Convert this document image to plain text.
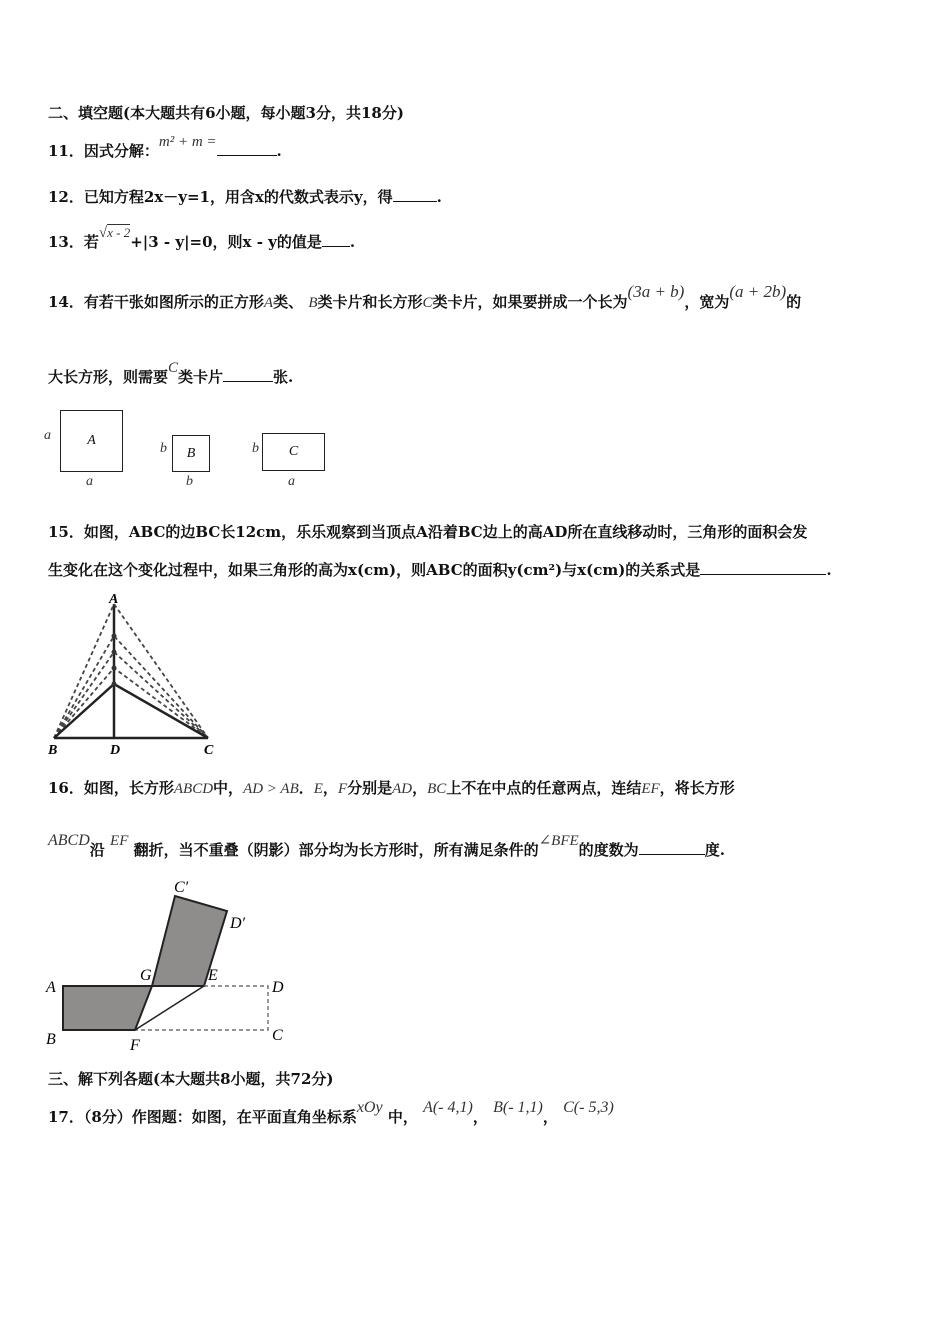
二、填空题(本大题共有6小题，每小题3分，共18分)
11．因式分解：m² + m =	.
12．已知方程2x－y=1，用含x的代数式表示y，得	.
13．若√x - 2+|3 - y|=0，则x - y的值是 .
14．有若干张如图所示的正方形A类、 B类卡片和长方形C类卡片，如果要拼成一个长为(3a + b)，宽为(a + 2b)的
大长方形，则需要C类卡片	张.
a	A
a
b	B
b
b	C
a
15．如图，ABC的边BC长12cm，乐乐观察到当顶点A沿着BC边上的高AD所在直线移动时，三角形的面积会发
生变化在这个变化过程中，如果三角形的高为x(cm)，则ABC的面积y(cm²)与x(cm)的关系式是	.
A
B	D	C
16．如图，长方形ABCD中，AD > AB．E，F分别是AD，BC上不在中点的任意两点，连结EF，将长方形
ABCD沿 EF 翻折，当不重叠（阴影）部分均为长方形时，所有满足条件的∠BFE的度数为	度.
A
B
G	E
D
C
F
C′
D′
三、解下列各题(本大题共8小题，共72分)
17．（8分）作图题：如图，在平面直角坐标系xOy 中， A(- 4,1)， B(- 1,1)， C(- 5,3)
